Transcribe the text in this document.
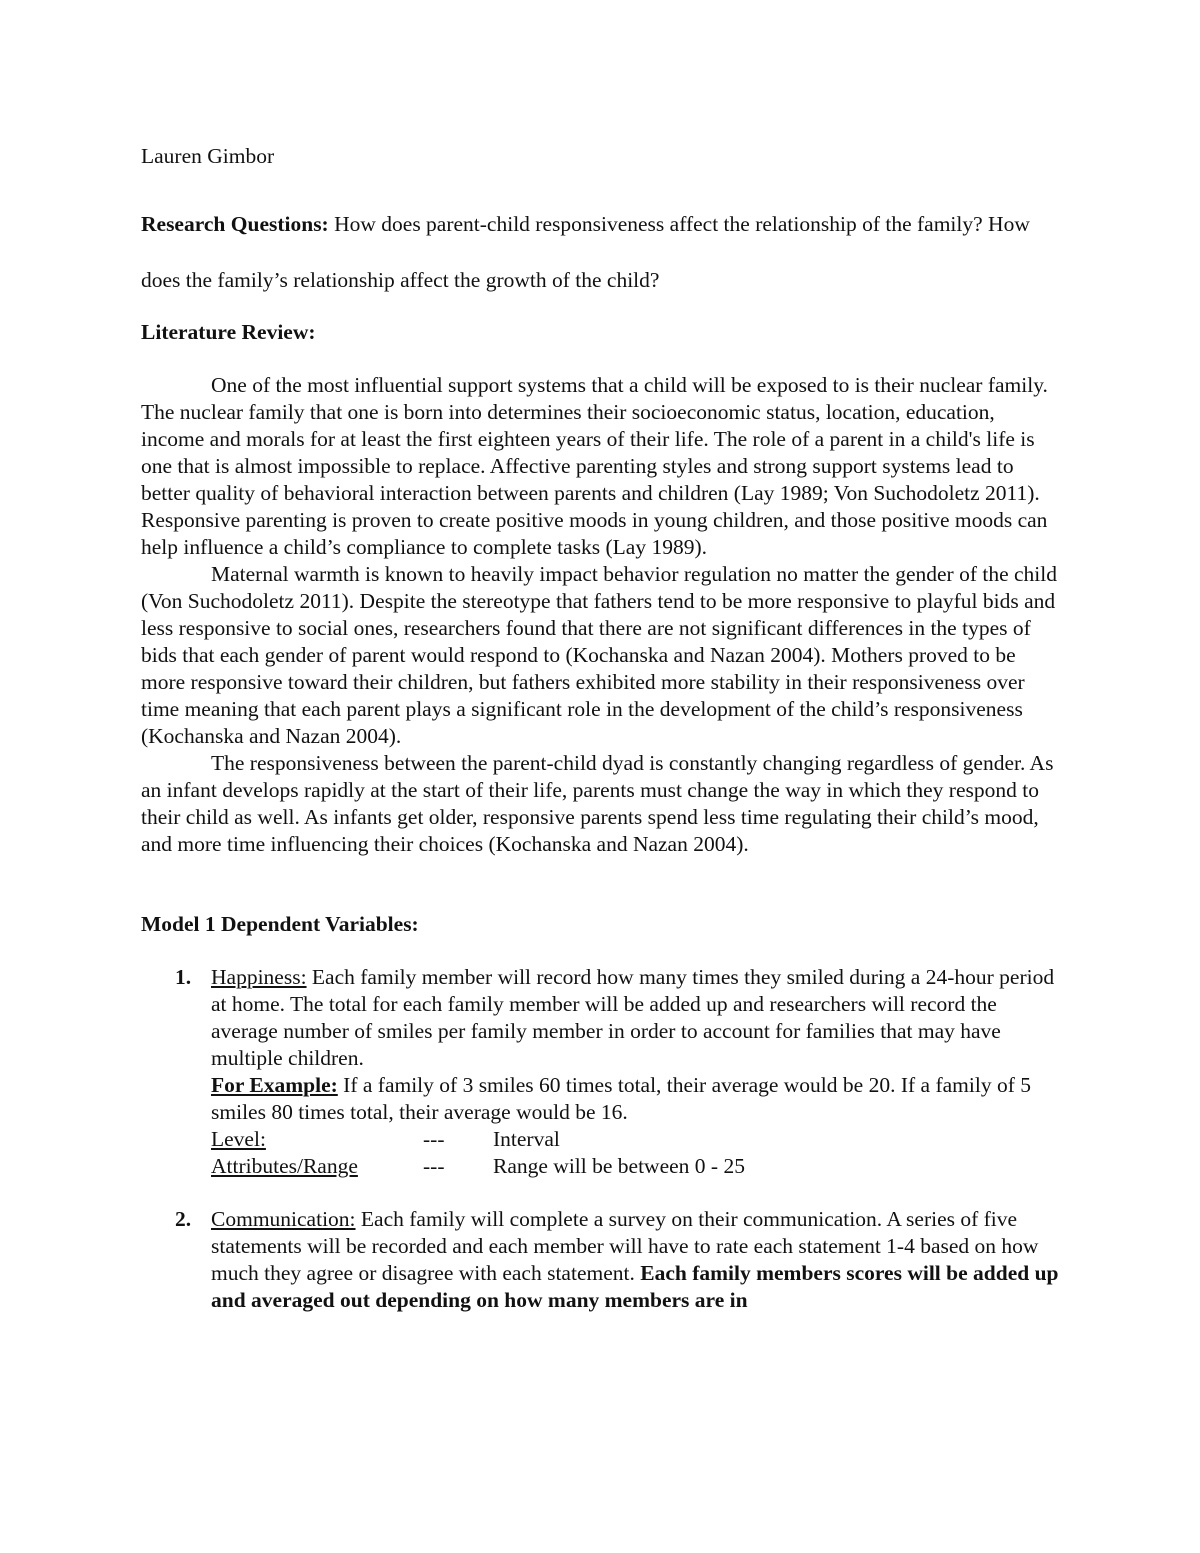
Lauren Gimbor

Research Questions: How does parent-child responsiveness affect the relationship of the family? How does the family’s relationship affect the growth of the child?

Literature Review:

One of the most influential support systems that a child will be exposed to is their nuclear family. The nuclear family that one is born into determines their socioeconomic status, location, education, income and morals for at least the first eighteen years of their life. The role of a parent in a child's life is one that is almost impossible to replace. Affective parenting styles and strong support systems lead to better quality of behavioral interaction between parents and children (Lay 1989; Von Suchodoletz 2011). Responsive parenting is proven to create positive moods in young children, and those positive moods can help influence a child’s compliance to complete tasks (Lay 1989).

Maternal warmth is known to heavily impact behavior regulation no matter the gender of the child (Von Suchodoletz 2011). Despite the stereotype that fathers tend to be more responsive to playful bids and less responsive to social ones, researchers found that there are not significant differences in the types of bids that each gender of parent would respond to (Kochanska and Nazan 2004). Mothers proved to be more responsive toward their children, but fathers exhibited more stability in their responsiveness over time meaning that each parent plays a significant role in the development of the child’s responsiveness (Kochanska and Nazan 2004).

The responsiveness between the parent-child dyad is constantly changing regardless of gender. As an infant develops rapidly at the start of their life, parents must change the way in which they respond to their child as well. As infants get older, responsive parents spend less time regulating their child’s mood, and more time influencing their choices (Kochanska and Nazan 2004).

Model 1 Dependent Variables:

1. Happiness: Each family member will record how many times they smiled during a 24-hour period at home. The total for each family member will be added up and researchers will record the average number of smiles per family member in order to account for families that may have multiple children.
For Example: If a family of 3 smiles 60 times total, their average would be 20. If a family of 5 smiles 80 times total, their average would be 16.
Level:	---	Interval
Attributes/Range	---	Range will be between 0 - 25
2. Communication: Each family will complete a survey on their communication. A series of five statements will be recorded and each member will have to rate each statement 1-4 based on how much they agree or disagree with each statement. Each family members scores will be added up and averaged out depending on how many members are in
